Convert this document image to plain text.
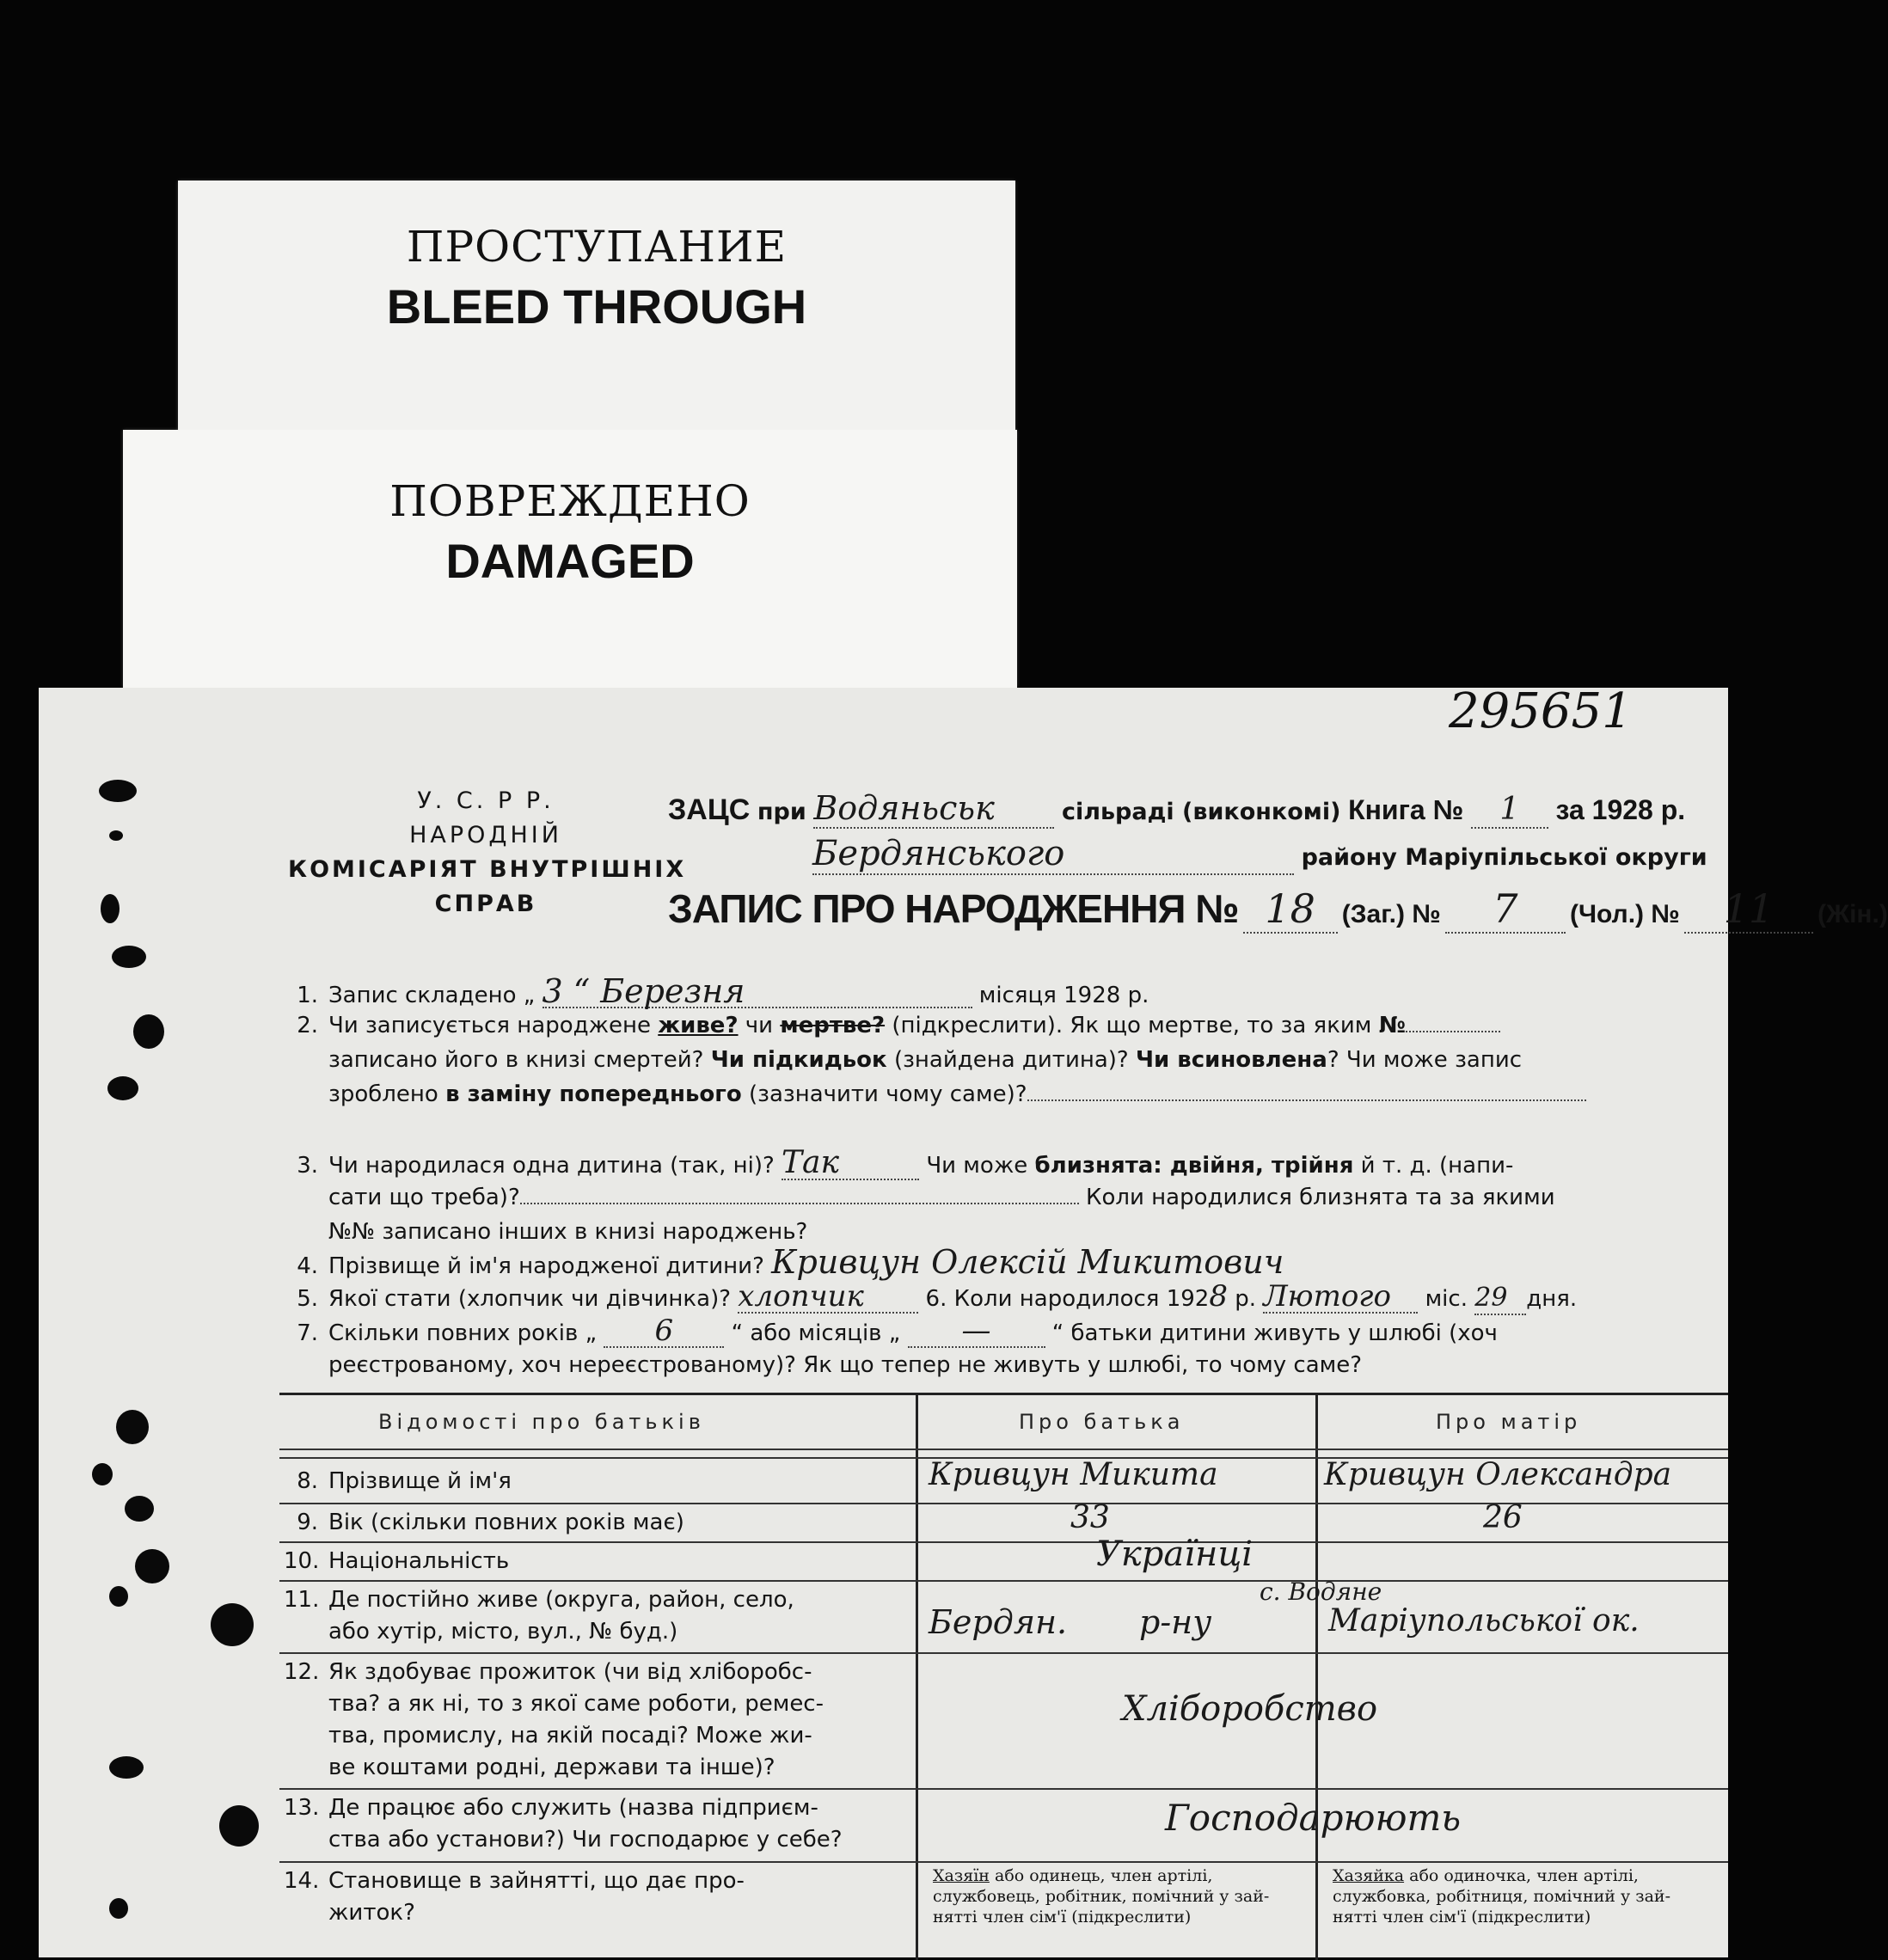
ПРОСТУПАНИЕ
BLEED THROUGH
ПОВРЕЖДЕНО
DAMAGED
295651
У. С. Р Р.
НАРОДНІЙ
КОМІСАРІЯТ ВНУТРІШНІХ
СПРАВ
ЗАЦС при Водяньськ	сільраді (виконкомі) Книга № 1 за 1928 р.
Бердянського	району Маріупільської округи
ЗАПИС ПРО НАРОДЖЕННЯ № 18 (Заг.) № 7 (Чол.) № 11 (Жін.)
1. Запис складено „ 3 “ Березня	місяця 1928 р.
2. Чи записується народжене живе? чи мертве? (підкреслити). Як що мертве, то за яким №
записано його в книзі смертей? Чи підкидьок (знайдена дитина)? Чи всиновлена? Чи може запис
зроблено в заміну попереднього (зазначити чому саме)?
3. Чи народилася одна дитина (так, ні)? Так	Чи може близнята: двійня, трійня й т. д. (напи-
сати що треба)?	Коли народилися близнята та за якими
№№ записано інших в книзі народжень?
4. Прізвище й ім'я народженої дитини? Кривцун Олексій Микитович
5. Якої стати (хлопчик чи дівчинка)? хлопчик	6. Коли народилося 1928 р. Лютого міс. 29 дня.
7. Скільки повних років „ 6	“ або місяців „ —	“ батьки дитини живуть у шлюбі (хоч
реєстрованому, хоч нереєстрованому)? Як що тепер не живуть у шлюбі, то чому саме?
Відомості про батьків	Про батька	Про матір
8. Прізвище й ім'я	Кривцун Микита	Кривцун Олександра
9. Вік (скільки повних років має)	33	26
10. Національність	Українці
11. Де постійно живе (округа, район, село,
або хутір, місто, вул., № буд.)
с. Водяне
Бердян. р-ну	Маріупольської ок.
12. Як здобуває прожиток (чи від хліборобс-
тва? а як ні, то з якої саме роботи, ремес-
тва, промислу, на якій посаді? Може жи-
ве коштами родні, держави та інше)?
Хліборобство
13. Де працює або служить (назва підприєм-
ства або установи?) Чи господарює у себе?
Господарюють
14. Становище в зайнятті, що дає про-
житок?
Хазяїн або одинець, член артілі,
службовець, робітник, помічний у зай-
нятті член сім'ї (підкреслити)
Хазяйка або одиночка, член артілі,
службовка, робітниця, помічний у зай-
нятті член сім'ї (підкреслити)
